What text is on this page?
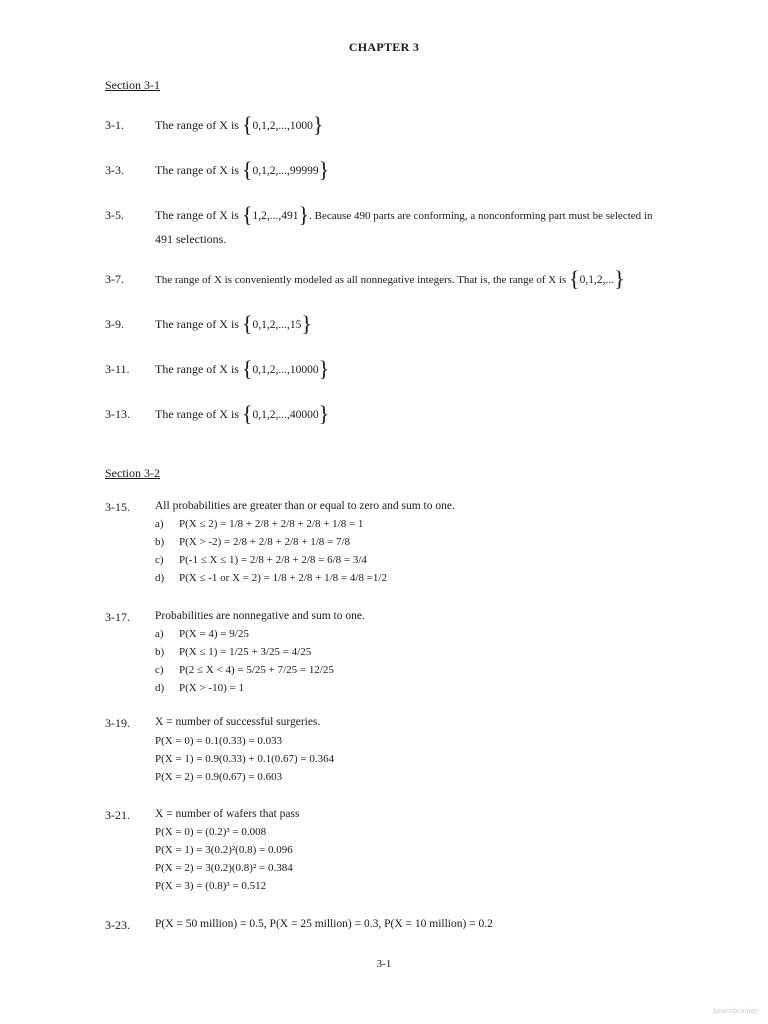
CHAPTER 3
Section 3-1
3-1.	The range of X is {0,1,2,...,1000}
3-3.	The range of X is {0,1,2,...,99999}
3-5.	The range of X is {1,2,...,491}. Because 490 parts are conforming, a nonconforming part must be selected in
491 selections.
3-7.	The range of X is conveniently modeled as all nonnegative integers. That is, the range of X is {0,1,2,...}
3-9.	The range of X is {0,1,2,...,15}
3-11. The range of X is {0,1,2,...,10000}
3-13. The range of X is {0,1,2,...,40000}
Section 3-2
3-15. All probabilities are greater than or equal to zero and sum to one.
a) P(X ≤ 2) = 1/8 + 2/8 + 2/8 + 2/8 + 1/8 = 1
b) P(X > -2) = 2/8 + 2/8 + 2/8 + 1/8 = 7/8
c) P(-1 ≤ X ≤ 1) = 2/8 + 2/8 + 2/8 = 6/8 = 3/4
d) P(X ≤ -1 or X = 2) = 1/8 + 2/8 + 1/8 = 4/8 =1/2
3-17. Probabilities are nonnegative and sum to one.
a) P(X = 4) = 9/25
b) P(X ≤ 1) = 1/25 + 3/25 = 4/25
c) P(2 ≤ X < 4) = 5/25 + 7/25 = 12/25
d) P(X > -10) = 1
3-19. X = number of successful surgeries.
P(X = 0) = 0.1(0.33) = 0.033
P(X = 1) = 0.9(0.33) + 0.1(0.67) = 0.364
P(X = 2) = 0.9(0.67) = 0.603
3-21. X = number of wafers that pass
P(X = 0) = (0.2)³ = 0.008
P(X = 1) = 3(0.2)²(0.8) = 0.096
P(X = 2) = 3(0.2)(0.8)² = 0.384
P(X = 3) = (0.8)³ = 0.512
3-23. P(X = 50 million) = 0.5, P(X = 25 million) = 0.3, P(X = 10 million) = 0.2
3-1
Learnbrainer
